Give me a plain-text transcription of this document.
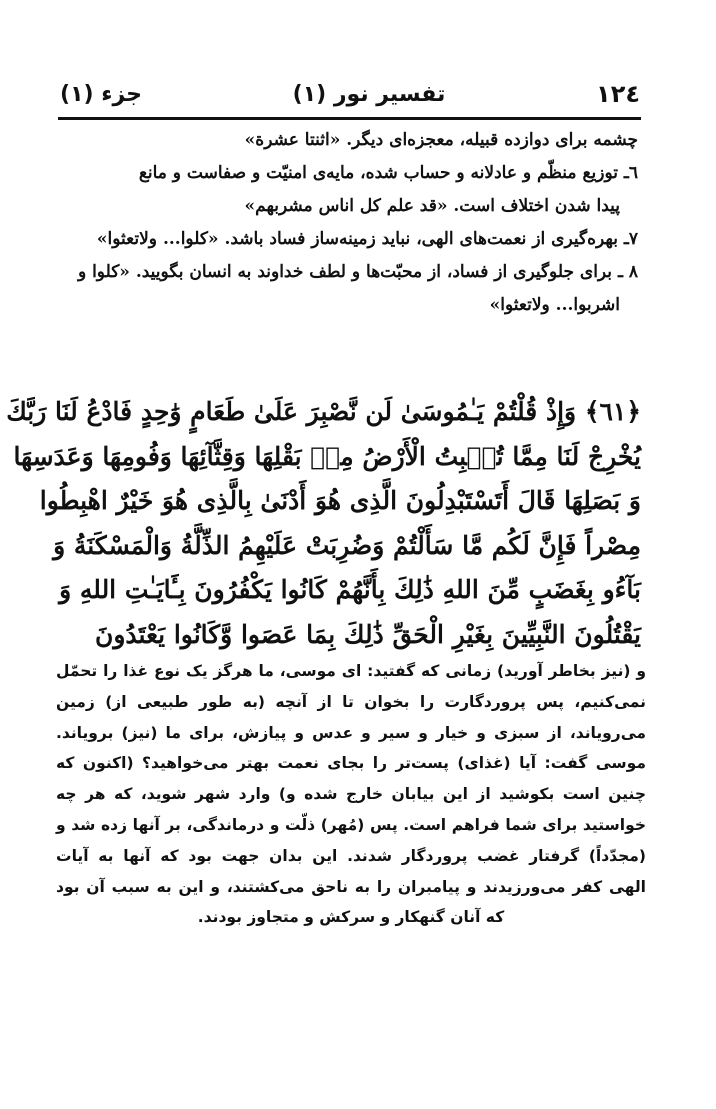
١٢٤
تفسیر نور (١)
جزء (١)
چشمه برای دوازده قبیله، معجزه‌ای دیگر. «اثنتا عشرة»
٦ـ توزیع منظّم و عادلانه و حساب شده، مایه‌ی امنیّت و صفاست و مانع
پیدا شدن اختلاف است. «قد علم کل اناس مشربهم»
٧ـ بهره‌گیری از نعمت‌های الهی، نباید زمینه‌ساز فساد باشد. «کلوا... ولاتعثوا»
٨ ـ برای جلوگیری از فساد، از محبّت‌ها و لطف خداوند به انسان بگویید. «کلوا و
اشربوا... ولاتعثوا»
﴿٦١﴾ وَإِذْ قُلْتُمْ يَـٰمُوسَىٰ لَن نَّصْبِرَ عَلَىٰ طَعَامٍ وَٰحِدٍ فَادْعُ لَنَا رَبَّكَ
يُخْرِجْ لَنَا مِمَّا تُنۢبِتُ الْأَرْضُ مِنۢ بَقْلِهَا وَقِثَّآئِهَا وَفُومِهَا وَعَدَسِهَا
وَ بَصَلِهَا قَالَ أَتَسْتَبْدِلُونَ الَّذِى هُوَ أَدْنَىٰ بِالَّذِى هُوَ خَيْرٌ اهْبِطُوا
مِصْراً فَإِنَّ لَكُم مَّا سَأَلْتُمْ وَضُرِبَتْ عَلَيْهِمُ الذِّلَّةُ وَالْمَسْكَنَةُ وَ
بَآءُو بِغَضَبٍ مِّنَ اللهِ ذَٰلِكَ بِأَنَّهُمْ كَانُوا يَكْفُرُونَ بِـَٔايَـٰتِ اللهِ وَ
يَقْتُلُونَ النَّبِيِّينَ بِغَيْرِ الْحَقِّ ذَٰلِكَ بِمَا عَصَوا وَّكَانُوا يَعْتَدُونَ
و (نیز بخاطر آورید) زمانی که گفتید: ای موسی، ما هرگز یک نوع غذا را تحمّل
نمی‌کنیم، پس پروردگارت را بخوان تا از آنچه (به طور طبیعی از) زمین
می‌رویاند، از سبزی و خیار و سیر و عدس و پیازش، برای ما (نیز) برویاند.
موسی گفت: آیا (غذای) پست‌تر را بجای نعمت بهتر می‌خواهید؟ (اکنون که
چنین است بکوشید از این بیابان خارج شده و) وارد شهر شوید، که هر چه
خواستید برای شما فراهم است. پس (مُهر) ذلّت و درماندگی، بر آنها زده شد و
(مجدّداً) گرفتار غضب پروردگار شدند. این بدان جهت بود که آنها به آیات
الهی کفر می‌ورزیدند و پیامبران را به ناحق می‌کشتند، و این به سبب آن بود
که آنان گنهکار و سرکش و متجاوز بودند.
